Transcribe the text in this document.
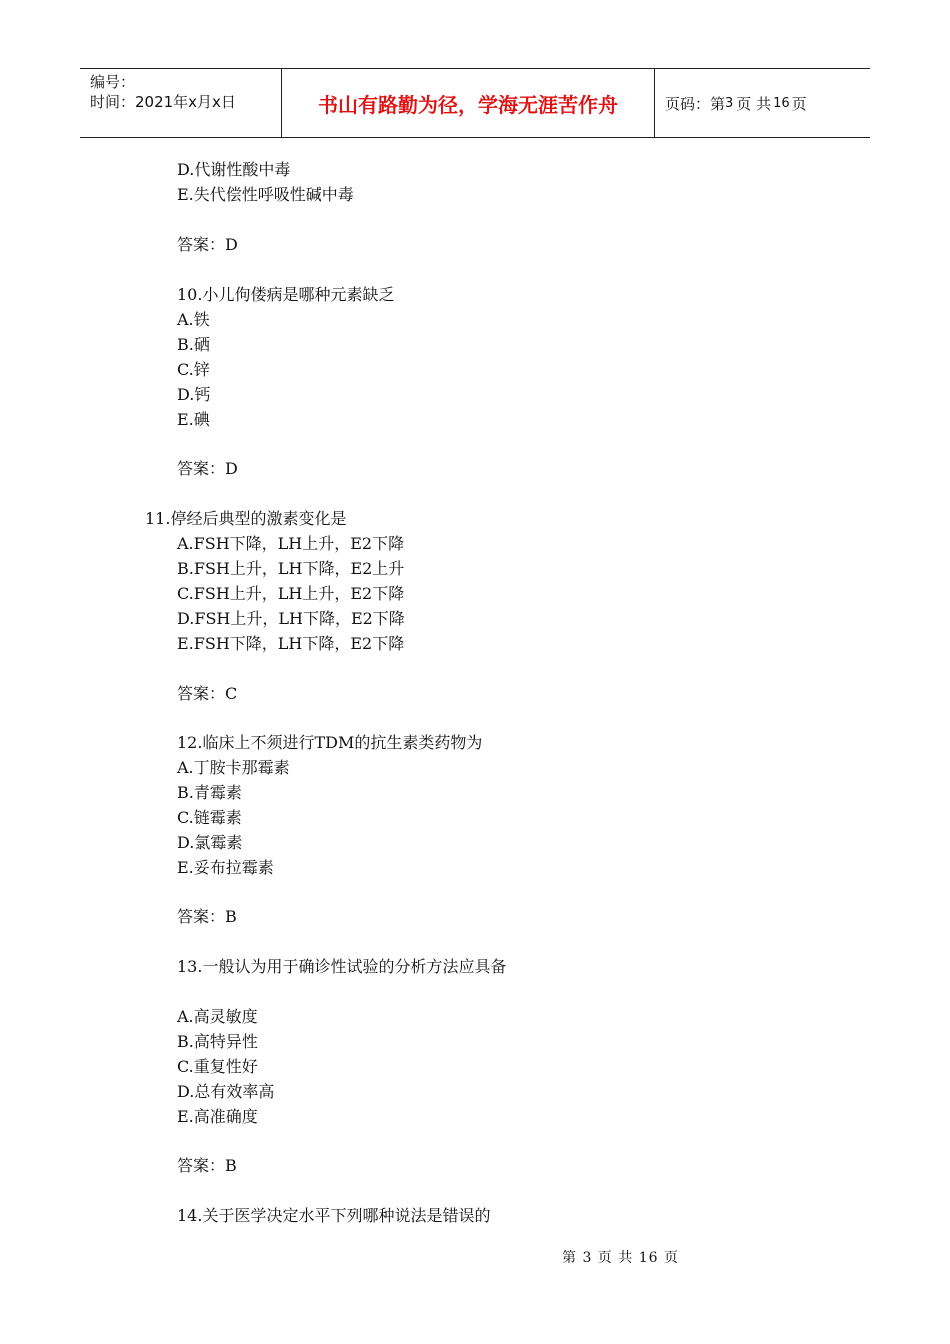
编号：
时间：2021年x月x日	书山有路勤为径，学海无涯苦作舟	页码：第 3 页 共 16 页
D.代谢性酸中毒
E.失代偿性呼吸性碱中毒
答案：D
10.小儿佝偻病是哪种元素缺乏
A.铁
B.硒
C.锌
D.钙
E.碘
答案：D
11.停经后典型的激素变化是
A.FSH下降，LH上升，E2下降
B.FSH上升，LH下降，E2上升
C.FSH上升，LH上升，E2下降
D.FSH上升，LH下降，E2下降
E.FSH下降，LH下降，E2下降
答案：C
12.临床上不须进行TDM的抗生素类药物为
A.丁胺卡那霉素
B.青霉素
C.链霉素
D.氯霉素
E.妥布拉霉素
答案：B
13.一般认为用于确诊性试验的分析方法应具备
A.高灵敏度
B.高特异性
C.重复性好
D.总有效率高
E.高准确度
答案：B
14.关于医学决定水平下列哪种说法是错误的
第 3 页 共 16 页
